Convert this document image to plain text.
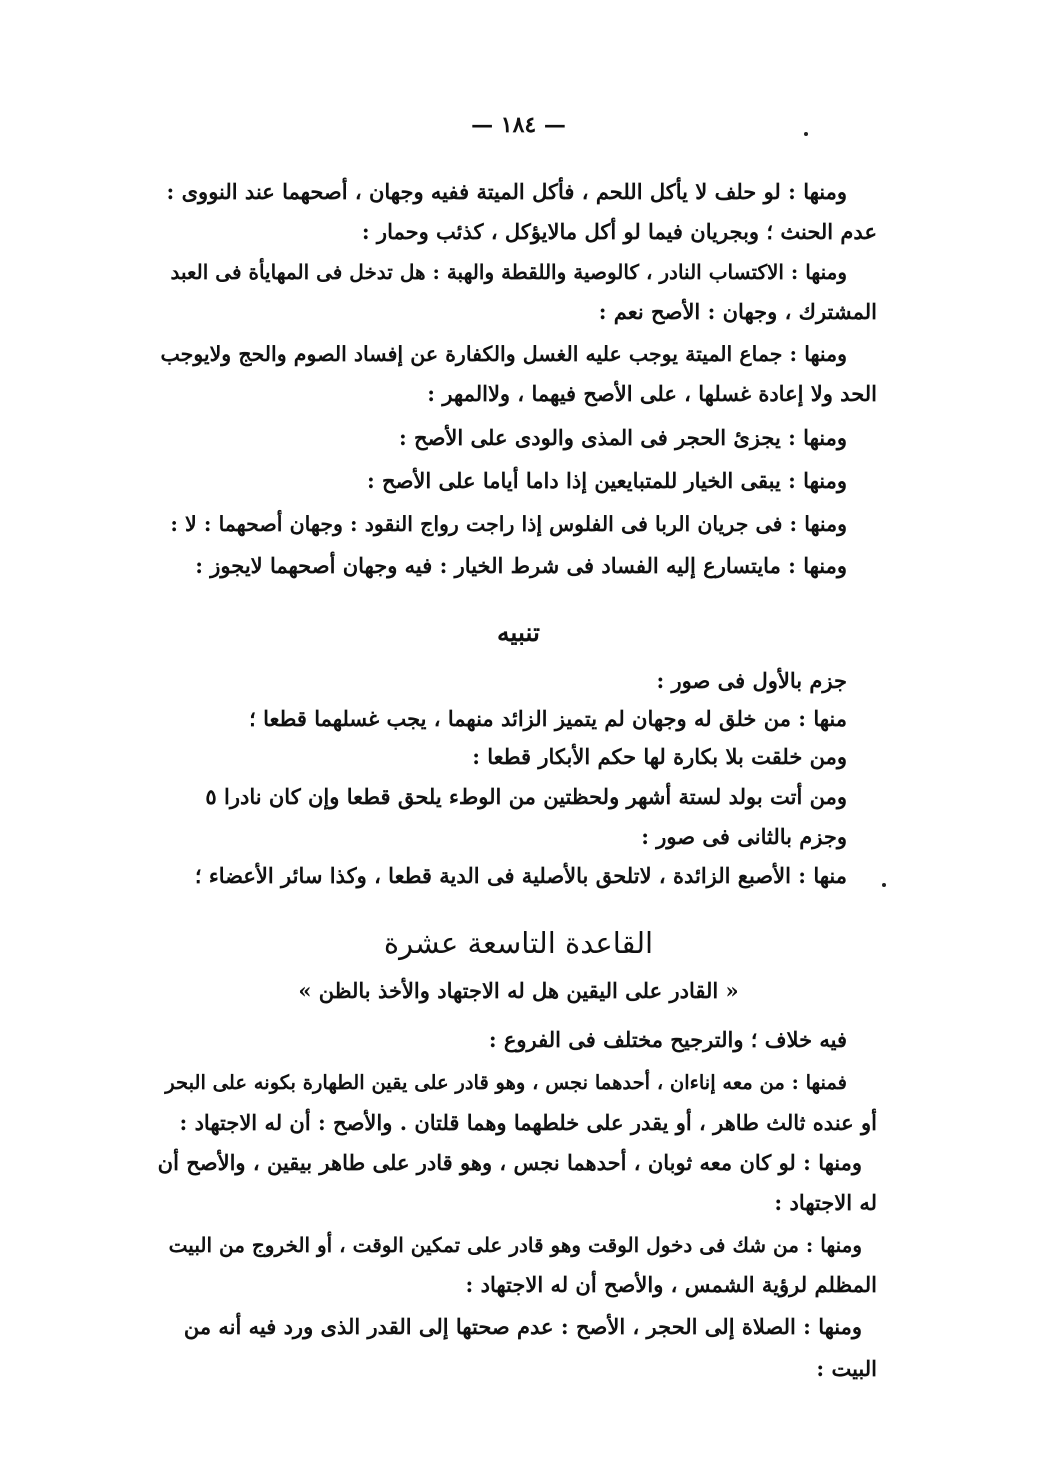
— ١٨٤ —
ومنها : لو حلف لا يأكل اللحم ، فأكل الميتة ففيه وجهان ، أصحهما عند النووى :
عدم الحنث ؛ وبجريان فيما لو أكل مالايؤكل ، كذئب وحمار :
ومنها : الاكتساب النادر ، كالوصية واللقطة والهبة : هل تدخل فى المهايأة فى العبد
المشترك ، وجهان : الأصح نعم :
ومنها : جماع الميتة يوجب عليه الغسل والكفارة عن إفساد الصوم والحج ولايوجب
الحد ولا إعادة غسلها ، على الأصح فيهما ، ولاالمهر :
ومنها : يجزئ الحجر فى المذى والودى على الأصح :
ومنها : يبقى الخيار للمتبايعين إذا داما أياما على الأصح :
ومنها : فى جريان الربا فى الفلوس إذا راجت رواج النقود : وجهان أصحهما : لا :
ومنها : مايتسارع إليه الفساد فى شرط الخيار : فيه وجهان أصحهما لايجوز :
تنبيه
جزم بالأول فى صور :
منها : من خلق له وجهان لم يتميز الزائد منهما ، يجب غسلهما قطعا ؛
ومن خلقت بلا بكارة لها حكم الأبكار قطعا :
ومن أتت بولد لستة أشهر ولحظتين من الوطء يلحق قطعا وإن كان نادرا ٥
وجزم بالثانى فى صور :
منها : الأصبع الزائدة ، لاتلحق بالأصلية فى الدية قطعا ، وكذا سائر الأعضاء ؛
القاعدة التاسعة عشرة
« القادر على اليقين هل له الاجتهاد والأخذ بالظن »
فيه خلاف ؛ والترجيح مختلف فى الفروع :
فمنها : من معه إناءان ، أحدهما نجس ، وهو قادر على يقين الطهارة بكونه على البحر
أو عنده ثالث طاهر ، أو يقدر على خلطهما وهما قلتان . والأصح : أن له الاجتهاد :
ومنها : لو كان معه ثوبان ، أحدهما نجس ، وهو قادر على طاهر بيقين ، والأصح أن
له الاجتهاد :
ومنها : من شك فى دخول الوقت وهو قادر على تمكين الوقت ، أو الخروج من البيت
المظلم لرؤية الشمس ، والأصح أن له الاجتهاد :
ومنها : الصلاة إلى الحجر ، الأصح : عدم صحتها إلى القدر الذى ورد فيه أنه من
البيت :
